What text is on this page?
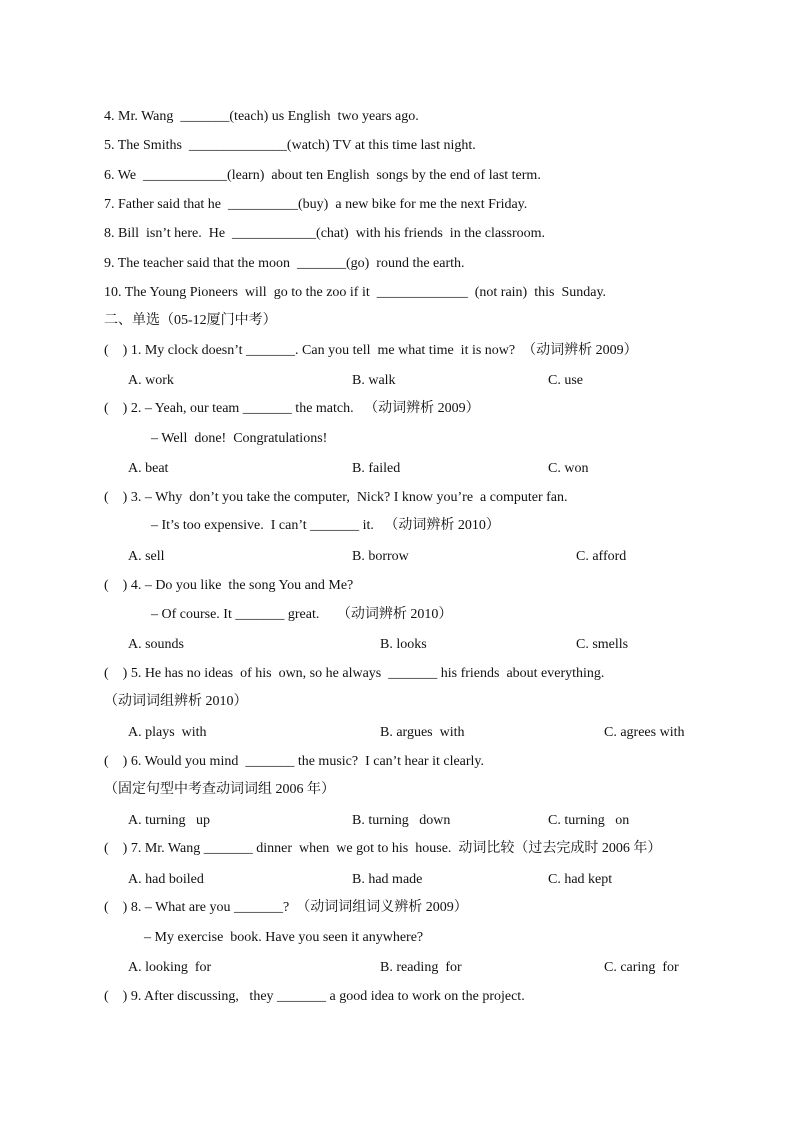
4. Mr. Wang  _______(teach) us English  two years ago.
5. The Smiths  ______________(watch) TV at this time last night.
6. We  ____________(learn)  about ten English  songs by the end of last term.
7. Father said that he  __________(buy)  a new bike for me the next Friday.
8. Bill  isn’t here.  He  ____________(chat)  with his friends  in the classroom.
9. The teacher said that the moon  _______(go)  round the earth.
10. The Young Pioneers  will  go to the zoo if it  _____________  (not rain)  this  Sunday.
二、单选（05-12厦门中考）
(    ) 1. My clock doesn’t _______. Can you tell  me what time  it is now?  （动词辨析 2009）
A. work	B. walk	C. use
(    ) 2. – Yeah, our team _______ the match.   （动词辨析 2009）
– Well  done!  Congratulations!
A. beat	B. failed	C. won
(    ) 3. – Why  don’t you take the computer,  Nick? I know you’re  a computer fan.
– It’s too expensive.  I can’t _______ it.   （动词辨析 2010）
A. sell	B. borrow	C. afford
(    ) 4. – Do you like  the song You and Me?
– Of course. It _______ great.     （动词辨析 2010）
A. sounds	B. looks	C. smells
(    ) 5. He has no ideas  of his  own, so he always  _______ his friends  about everything.
（动词词组辨析 2010）
A. plays  with	B. argues  with	C. agrees with
(    ) 6. Would you mind  _______ the music?  I can’t hear it clearly.
（固定句型中考查动词词组 2006 年）
A. turning   up	B. turning   down	C. turning   on
(    ) 7. Mr. Wang _______ dinner  when  we got to his  house.  动词比较（过去完成时 2006 年）
A. had boiled	B. had made	C. had kept
(    ) 8. – What are you _______?  （动词词组词义辨析 2009）
– My exercise  book. Have you seen it anywhere?
A. looking  for	B. reading  for	C. caring  for
(    ) 9. After discussing,   they _______ a good idea to work on the project.
